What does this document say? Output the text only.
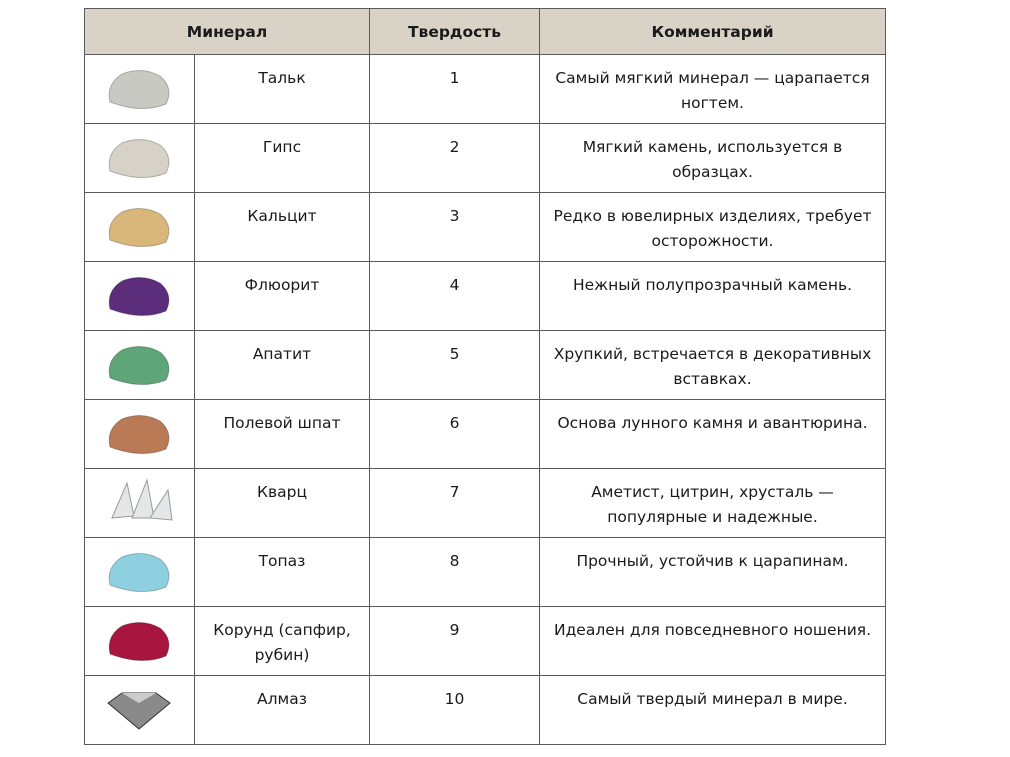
Минерал		Твердость	Комментарий

	Тальк	1	Самый мягкий минерал — царапается ногтем.

	Гипс	2	Мягкий камень, используется в образцах.

	Кальцит	3	Редко в ювелирных изделиях, требует осторожности.

	Флюорит	4	Нежный полупрозрачный камень.

	Апатит	5	Хрупкий, встречается в декоративных вставках.

	Полевой шпат	6	Основа лунного камня и авантюрина.

	Кварц	7	Аметист, цитрин, хрусталь — популярные и надежные.

	Топаз	8	Прочный, устойчив к царапинам.

	Корунд (сапфир, рубин)	9	Идеален для повседневного ношения.

	Алмаз	10	Самый твердый минерал в мире.
